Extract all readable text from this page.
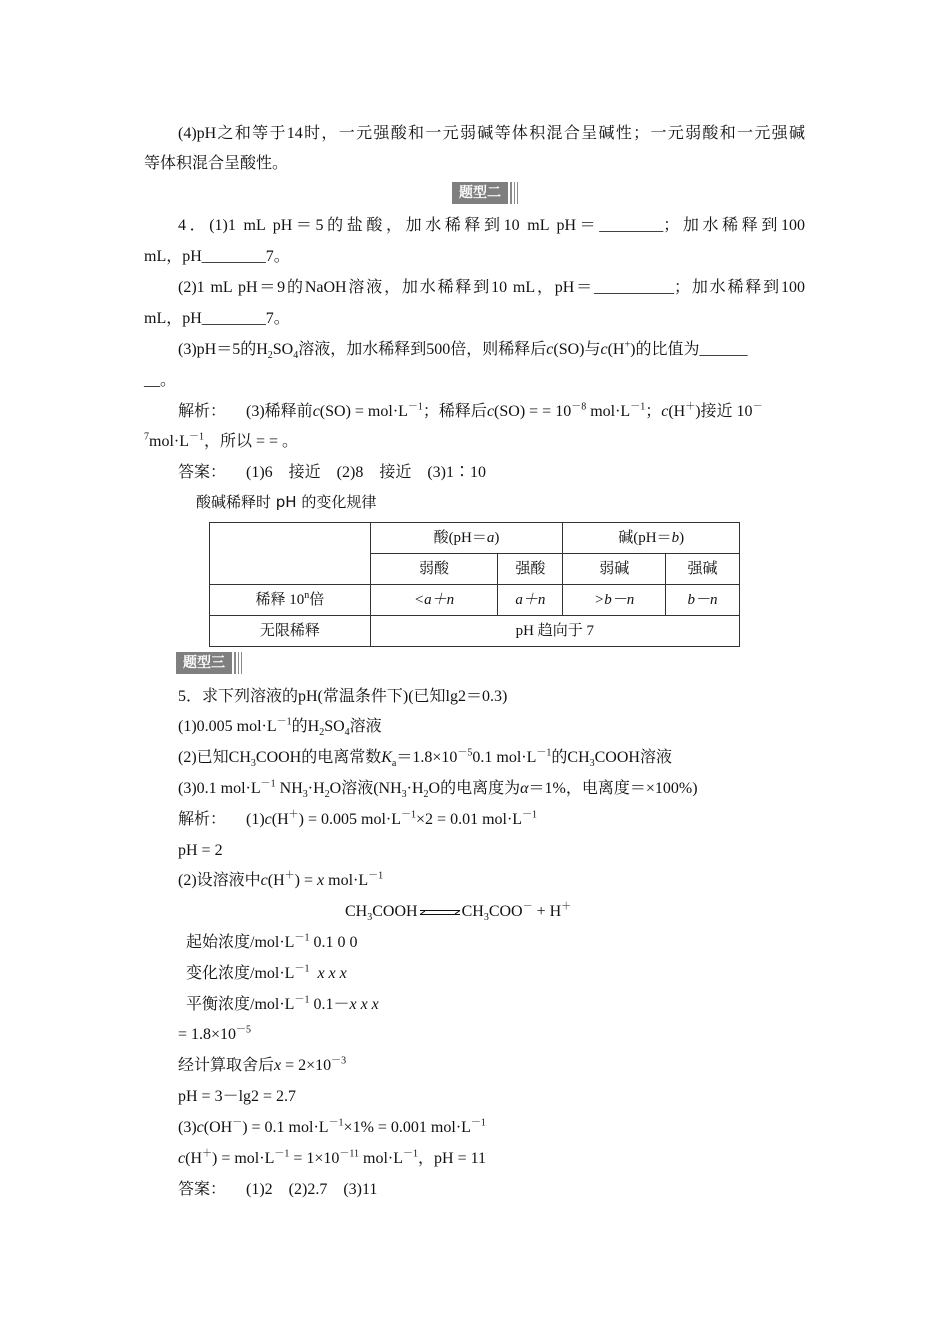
(4)pH之和等于14时，一元强酸和一元弱碱等体积混合呈碱性；一元弱酸和一元强碱
等体积混合呈酸性。
题型二
4．(1)1 mL pH＝5的盐酸，加水稀释到10 mL pH＝________；加水稀释到100
mL，pH________7。
(2)1 mL pH＝9的NaOH溶液，加水稀释到10 mL，pH＝__________；加水稀释到100
mL，pH________7。
(3)pH＝5的$H_2SO_4$溶液，加水稀释到500倍，则稀释后c(SO)与c(H+)的比值为______
__。
解析： (3)稀释前$c(SO) = mol\cdot L^{-1}$；稀释后c(SO) = = $10^{-8}$ $mol\cdot L^{-1}$；c(H＋)接近 10－
$^7mol\cdot L^{-1}$，所以 = = 。
答案： (1)6　接近　(2)8　接近　(3)1∶10
酸碱稀释时 pH 的变化规律
	酸(pH＝a)		碱(pH＝b)	
	弱酸	强酸	弱碱	强碱
稀释 10$^n$倍	<a＋n	a＋n	>b－n	b－n
无限稀释	pH 趋向于 7			
题型三
5．求下列溶液的pH(常温条件下)(已知lg2＝0.3)
(1)0.005 $mol\cdot L^{-1}$的$H_2SO_4$溶液
(2)已知$CH_3COOH$的电离常数$K_a=1.8\times 10^{-5}0.1$ $mol\cdot L^{-1}$的$CH_3COOH$溶液
(3)0.1 $mol\cdot L^{-1}$ $NH_3\cdot H_2O$溶液($NH_3\cdot H_2O$的电离度为α＝1%，电离度＝×100%)
解析： (1)c(H＋) = 0.005 $mol\cdot L^{-1}\times 2 = 0.01$ $mol\cdot L^{-1}$
pH = 2
(2)设溶液中c(H＋) = x $mol\cdot L^{-1}$
$CH_3COOH$	$CH_3COO^- + H^+$
起始浓度$/mol\cdot L^{-1}$ 0.1 0 0
变化浓度$/mol\cdot L^{-1}$ x x x
平衡浓度$/mol\cdot L^{-1}$ 0.1－x x x
= $1.8\times 10^{-5}$
经计算取舍后$x = 2\times 10^{-3}$
pH = 3－lg2 = 2.7
(3)c(OH－) = 0.1 $mol\cdot L^{-1}\times 1\% = 0.001$ $mol\cdot L^{-1}$
$c(H^+) = mol\cdot L^{-1} = 1\times 10^{-11}$ $mol\cdot L^{-1}$，pH = 11
答案： (1)2　(2)2.7　(3)11
